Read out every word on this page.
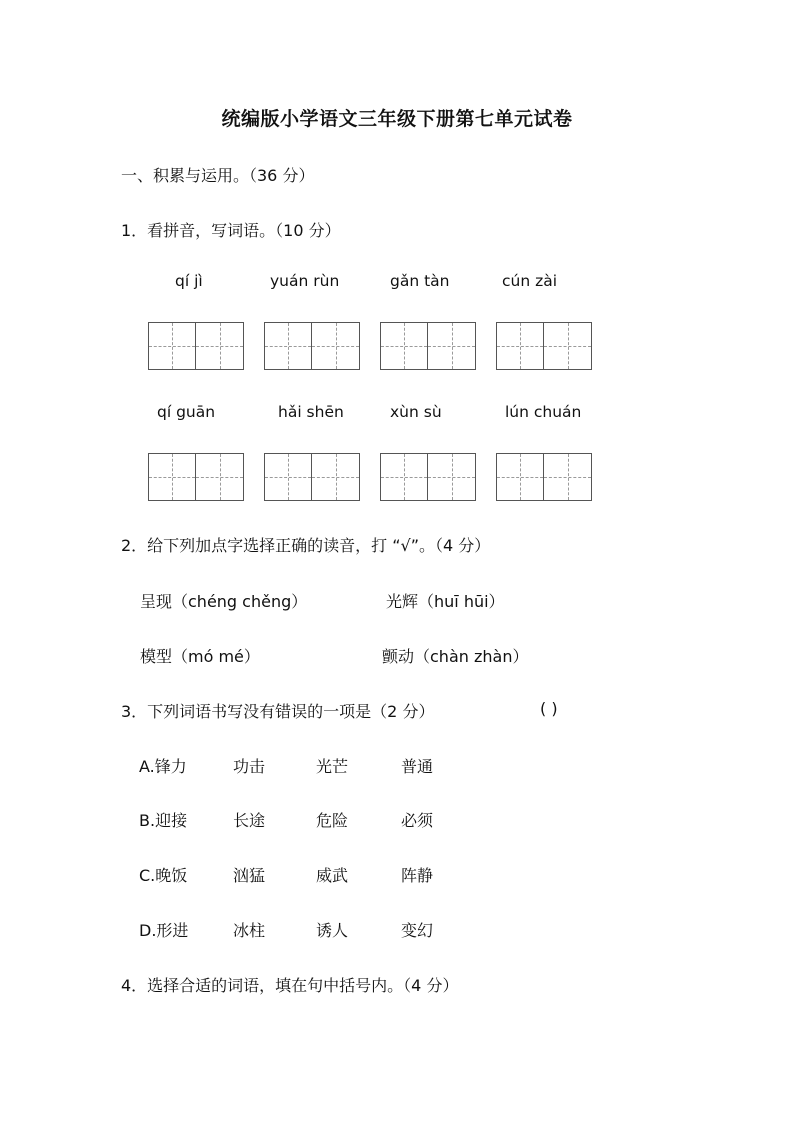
统编版小学语文三年级下册第七单元试卷
一、积累与运用。（36 分）
1．看拼音，写词语。（10 分）
qí jì	yuán rùn	gǎn tàn	cún zài
qí guān	hǎi shēn	xùn sù	lún chuán
2．给下列加点字选择正确的读音，打 “√”。（4 分）
呈现（chéng chěng）	光辉（huī hūi）
模型（mó mé）	颤动（chàn zhàn）
3．下列词语书写没有错误的一项是（2 分）	( )
A.锋力	功击	光芒	普通
B.迎接	长途	危险	必须
C.晚饭	汹猛	威武	阵静
D.形进	冰柱	诱人	变幻
4．选择合适的词语，填在句中括号内。（4 分）
